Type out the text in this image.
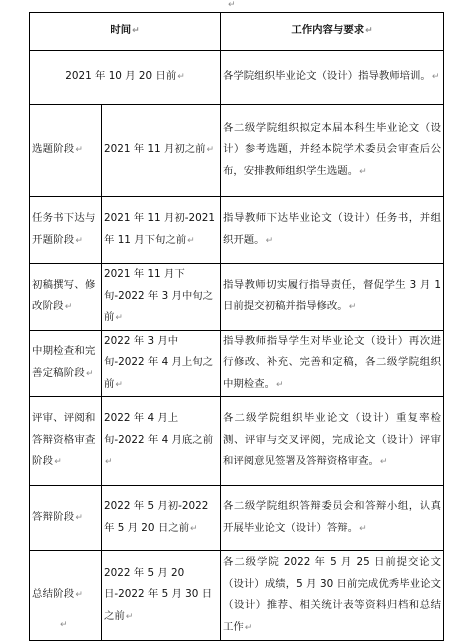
↵
时间 ↵		工作内容与要求 ↵
2021 年 10 月 20 日前 ↵		各学院组织毕业论文（设计）指导教师培训。 ↵
选题阶段 ↵	2021 年 11 月初之前 ↵	各二级学院组织拟定本届本科生毕业论文（设计）参考选题，并经本院学术委员会审查后公布，安排教师组织学生选题。 ↵
任务书下达与开题阶段 ↵	2021 年 11 月初-2021 年 11 月下旬之前 ↵	指导教师下达毕业论文（设计）任务书，并组织开题。 ↵
初稿撰写、修改阶段 ↵	2021 年 11 月下旬-2022 年 3 月中旬之前 ↵	指导教师切实履行指导责任，督促学生 3 月 1 日前提交初稿并指导修改。 ↵
中期检查和完善定稿阶段 ↵	2022 年 3 月中旬-2022 年 4 月上旬之前 ↵	指导教师指导学生对毕业论文（设计）再次进行修改、补充、完善和定稿，各二级学院组织中期检查。 ↵
评审、评阅和答辩资格审查阶段 ↵	2022 年 4 月上旬-2022 年 4 月底之前 ↵	各二级学院组织毕业论文（设计）重复率检测、评审与交叉评阅，完成论文（设计）评审和评阅意见签署及答辩资格审查。 ↵
答辩阶段 ↵	2022 年 5 月初-2022 年 5 月 20 日之前 ↵	各二级学院组织答辩委员会和答辩小组，认真开展毕业论文（设计）答辩。 ↵
总结阶段 ↵	2022 年 5 月 20 日-2022 年 5 月 30 日之前 ↵	各二级学院 2022 年 5 月 25 日前提交论文（设计）成绩，5 月 30 日前完成优秀毕业论文（设计）推荐、相关统计表等资料归档和总结工作 ↵
↵
